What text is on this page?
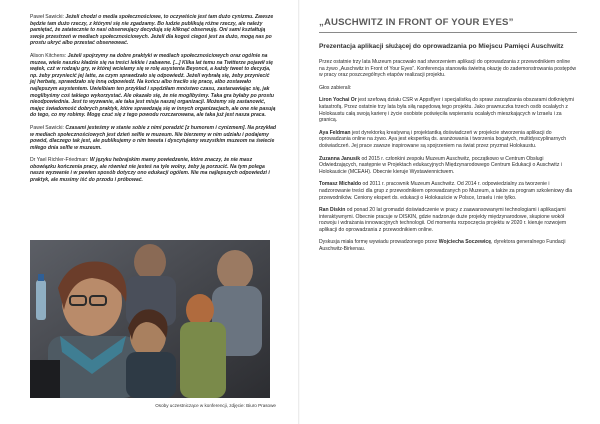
Paweł Sawicki: Jeżeli chodzi o media społecznościowe, to oczywiście jest tam dużo cynizmu. Zawsze będzie tam dużo rzeczy, z którymi się nie zgadzamy. Bo ludzie publikują różne rzeczy, ale należy pamiętać, że zatatecznie to nasi obserwujący decydują się kliknąć obserwuję. Oni sami kształtują swoje przestrzeń w mediach społecznościowych. Jeżeli dla kogoś ciegoś jest za dużo, mogą nas po prostu ukryć albo przestać obserwować.

Alison Kitchens: Jeżeli spojrzymy na dobre praktyki w mediach społecznościowych oraz ogólnie na muzea, wiele naszku kładzie się na treści lekkie i zabawne. [...] Klika lat temu na Twitterze pojawił się wątek, czż w rodzaju gry, w której wcielamy się w rolę asystenta Beyoncé, a każdy tweet to decyzja, np. żeby przyniecić jej latte, za czym sprawdzało się odpowiedź. Jeżeli wybrałą się, żeby przyniecić jej herbatę, sprawdzało się inną odpowiedź. Na końcu albo traciło się pracę, albo zostawało najlepszym asystentem. Uwielbiam ten przykład i spędziłam mnóstwo czasu, zastanawiając się, jak moglibyśmy coś takiego wykorzystać. Ale okazało się, że nie moglibyśmy. Taka gra byłaby po prostu nieodpowiednia. Jest to wyzwanie, ale taka jest misja naszej organizacji. Możemy się zastanowić, majęc świadomość dobrych praktyk, które sprawdzają się w innych organizacjach, ale one nie pasują do tego, co my robimy. Mogę czuć się z tego powodu rozczarowana, ale taka już jest nasza praca.

Paweł Sawicki: Czasami jesteśmy w stanie sobie z nimi poradzić [z humorem i cynizmem]. Na przykład w mediach społecznościowych jest dzień selfie w muzeum. Nie bierzemy w nim udziału i podajemy powód, dlaczego tak jest, ale publikujemy o nim tweeta i dyscytujemy wszystkim muzeom na świecie miłego dnia selfie w muzeum.

Dr Yael Richler-Friedman: W języku hebrajskim mamy powiedzenie, które znaczy, że nie masz obowiązku kończenia pracy, ale również nie jesteś na tyle wolny, żeby ją porzucić. Na tym polega nasze wyzwanie i w pewien sposób dotyczy ono edukacji ogólem. Nie ma najlepszych odpowiedzi i praktyk, ale musimy iść do przodu i próbować.

Osoby uczestniczące w konferencji, zdjęcie: Biuro Prasowe
„AUSCHWITZ IN FRONT OF YOUR EYES”
Prezentacja aplikacji służącej do oprowadzania po Miejscu Pamięci Auschwitz

Przez ostatnie trzy lata Muzeum pracowało nad stworzeniem aplikacji do oprowadzania z przewodnikiem online na żywo „Auschwitz in Front of Your Eyes”. Konferencja stanowiła świetną okazję do zademonstrowania postępów w pracy oraz poszczególnych etapów realizacji projektu.

Głos zabierali:

Liron Yochai Or jest szefową działu CSR w Appsflyer i specjalistką do spraw zarządzania obszarami dotkniętymi katastrofą. Przez ostatnie trzy lata była siłą napędową tego projektu. Jako prawnuczka trzech osób ocalałych z Holokaustu całą swoją karierę i życie osobiste poświęciła wspieraniu ocalałych mieszkających w Izraelu i za granicą.

Aya Feldman jest dyrektorką kreatywną i projektantką doświadczeń w projekcie stworzenia aplikacji do oprowadzania online na żywo. Aya jest ekspertką ds. aranżowania i tworzenia bogatych, multidyscyplinarnych doświadczeń. Jej prace zawsze inspirowane są spojrzeniem na świat przez pryzmat Holokaustu.

Zuzanna Janusik od 2015 r. członkini zespołu Muzeum Auschwitz, początkowo w Centrum Obsługi Odwiedzających, następnie w Projektach edukacyjnych Międzynarodowego Centrum Edukacji o Auschwitz i Holokauście (MCEAH). Obecnie kieruje Wystawiennictwem.

Tomasz Michaldo od 2011 r. pracownik Muzeum Auschwitz. Od 2014 r. odpowiedzialny za tworzenie i nadzorowanie treści dla grup z przewodnikiem oprowadzanych po Muzeum, a także za program szkoleniowy dla przewodników. Ceniony ekspert ds. edukacji o Holokauście w Polsce, Izraelu i nie tylko.

Ran Diskin od ponad 20 lat gromadzi doświadczenie w pracy z zaawansowanymi technologiami i aplikacjami interaktywnymi. Obecnie pracuje w DISKIN, gdzie nadzoruje duże projekty międzynarodowe, skupione wokół rozwoju i wdrażania innowacyjnych technologii. Od momentu rozpoczęcia projektu w 2020 r. kieruje rozwojem aplikacji do oprowadzania z przewodnikiem online.

Dyskusja miała formę wywiadu prowadzonego przez Wojciecha Soczewicę, dyrektora generalnego Fundacji Auschwitz-Birkenau.
